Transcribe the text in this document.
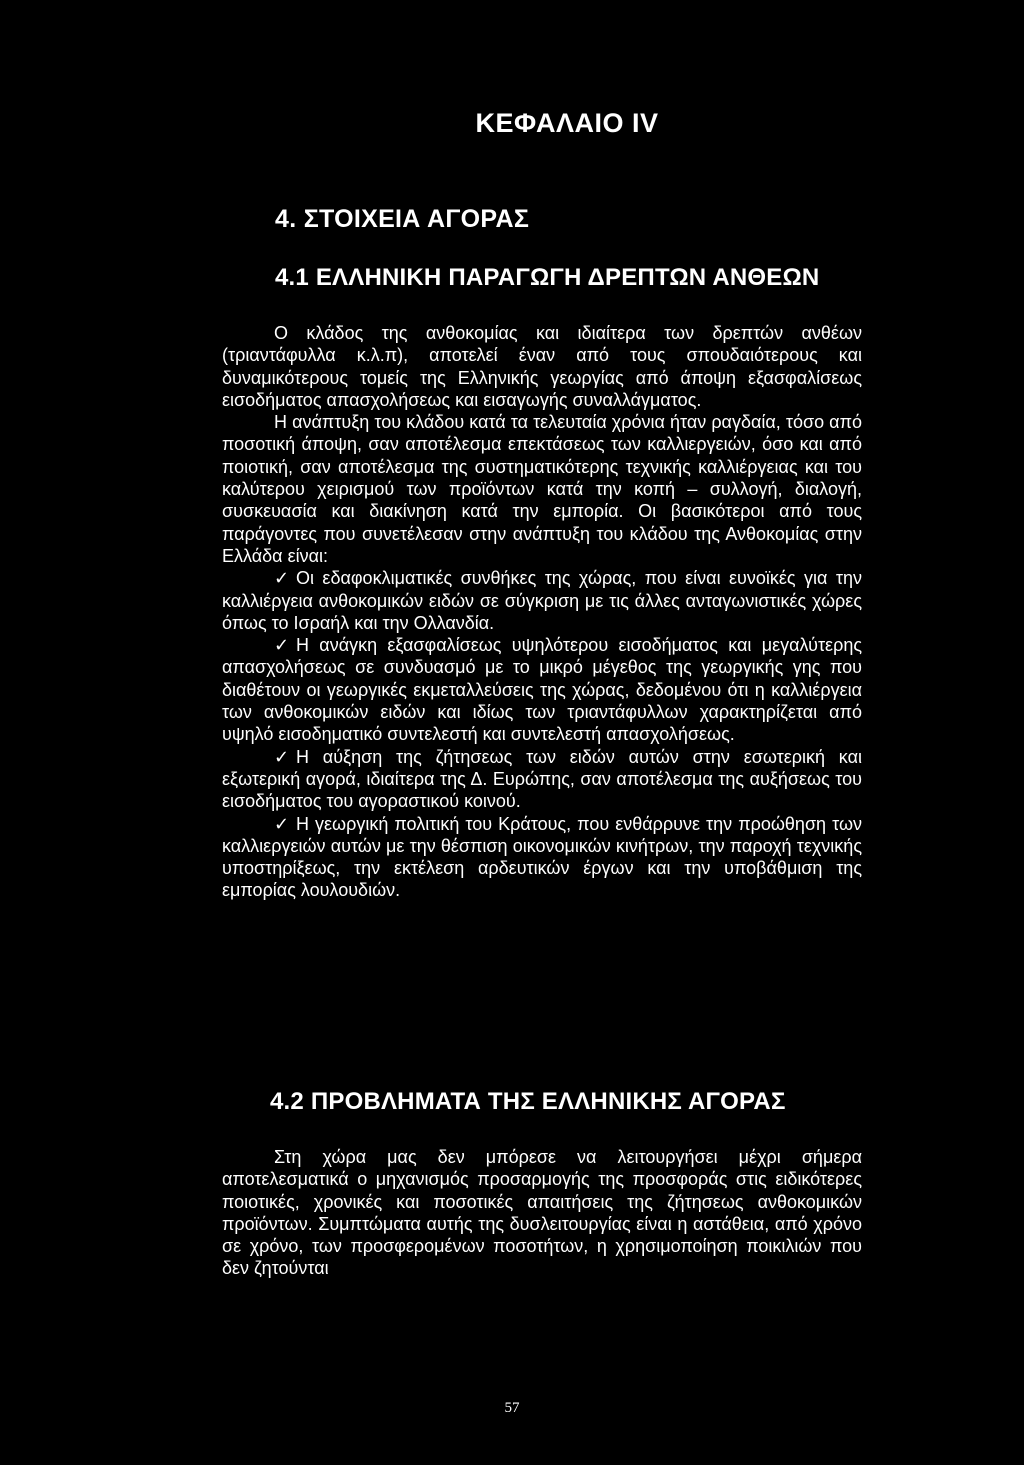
ΚΕΦΑΛΑΙΟ IV
4. ΣΤΟΙΧΕΙΑ ΑΓΟΡΑΣ
4.1 ΕΛΛΗΝΙΚΗ ΠΑΡΑΓΩΓΗ ΔΡΕΠΤΩΝ ΑΝΘΕΩΝ

Ο κλάδος της ανθοκομίας και ιδιαίτερα των δρεπτών ανθέων (τριαντάφυλλα κ.λ.π), αποτελεί έναν από τους σπουδαιότερους και δυναμικότερους τομείς της Ελληνικής γεωργίας από άποψη εξασφαλίσεως εισοδήματος απασχολήσεως και εισαγωγής συναλλάγματος.

Η ανάπτυξη του κλάδου κατά τα τελευταία χρόνια ήταν ραγδαία, τόσο από ποσοτική άποψη, σαν αποτέλεσμα επεκτάσεως των καλλιεργειών, όσο και από ποιοτική, σαν αποτέλεσμα της συστηματικότερης τεχνικής καλλιέργειας και του καλύτερου χειρισμού των προϊόντων κατά την κοπή – συλλογή, διαλογή, συσκευασία και διακίνηση κατά την εμπορία. Οι βασικότεροι από τους παράγοντες που συνετέλεσαν στην ανάπτυξη του κλάδου της Ανθοκομίας στην Ελλάδα είναι:

✓ Οι εδαφοκλιματικές συνθήκες της χώρας, που είναι ευνοϊκές για την καλλιέργεια ανθοκομικών ειδών σε σύγκριση με τις άλλες ανταγωνιστικές χώρες όπως το Ισραήλ και την Ολλανδία.

✓ Η ανάγκη εξασφαλίσεως υψηλότερου εισοδήματος και μεγαλύτερης απασχολήσεως σε συνδυασμό με το μικρό μέγεθος της γεωργικής γης που διαθέτουν οι γεωργικές εκμεταλλεύσεις της χώρας, δεδομένου ότι η καλλιέργεια των ανθοκομικών ειδών και ιδίως των τριαντάφυλλων χαρακτηρίζεται από υψηλό εισοδηματικό συντελεστή και συντελεστή απασχολήσεως.

✓ Η αύξηση της ζήτησεως των ειδών αυτών στην εσωτερική και εξωτερική αγορά, ιδιαίτερα της Δ. Ευρώπης, σαν αποτέλεσμα της αυξήσεως του εισοδήματος του αγοραστικού κοινού.

✓ Η γεωργική πολιτική του Κράτους, που ενθάρρυνε την προώθηση των καλλιεργειών αυτών με την θέσπιση οικονομικών κινήτρων, την παροχή τεχνικής υποστηρίξεως, την εκτέλεση αρδευτικών έργων και την υποβάθμιση της εμπορίας λουλουδιών.

4.2 ΠΡΟΒΛΗΜΑΤΑ ΤΗΣ ΕΛΛΗΝΙΚΗΣ ΑΓΟΡΑΣ

Στη χώρα μας δεν μπόρεσε να λειτουργήσει μέχρι σήμερα αποτελεσματικά ο μηχανισμός προσαρμογής της προσφοράς στις ειδικότερες ποιοτικές, χρονικές και ποσοτικές απαιτήσεις της ζήτησεως ανθοκομικών προϊόντων. Συμπτώματα αυτής της δυσλειτουργίας είναι η αστάθεια, από χρόνο σε χρόνο, των προσφερομένων ποσοτήτων, η χρησιμοποίηση ποικιλιών που δεν ζητούνται

57
